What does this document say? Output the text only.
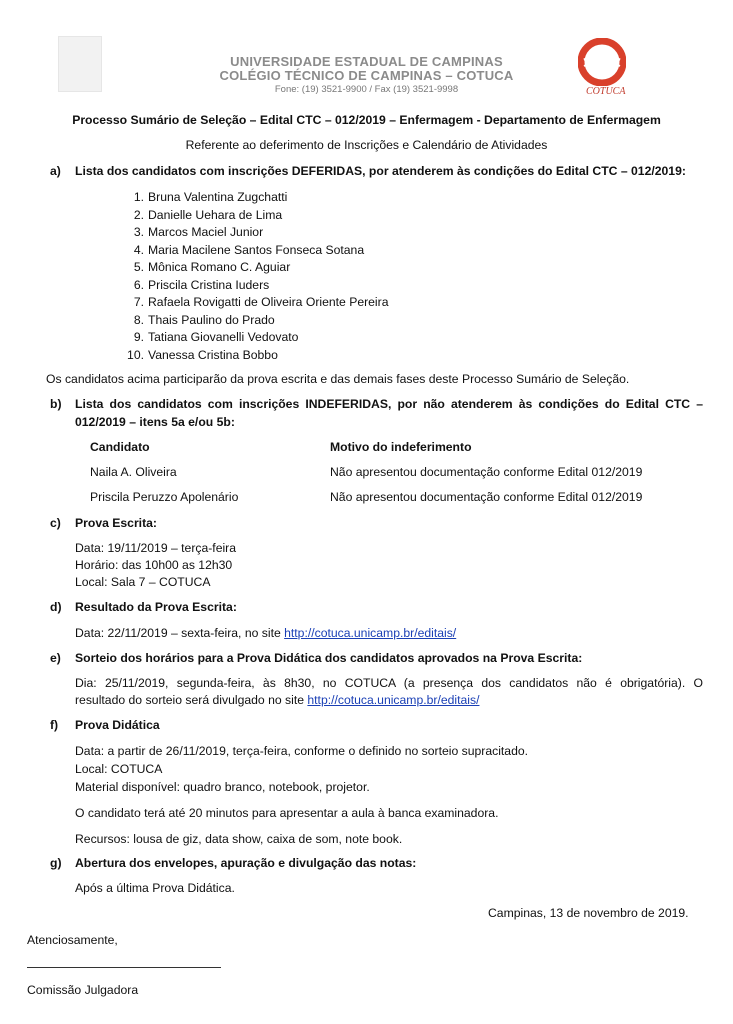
UNIVERSIDADE ESTADUAL DE CAMPINAS
COLÉGIO TÉCNICO DE CAMPINAS – COTUCA
Fone: (19) 3521-9900 / Fax (19) 3521-9998	COTUCA
Processo Sumário de Seleção – Edital CTC – 012/2019 – Enfermagem - Departamento de Enfermagem
Referente ao deferimento de Inscrições e Calendário de Atividades
a) Lista dos candidatos com inscrições DEFERIDAS, por atenderem às condições do Edital CTC – 012/2019:
1. Bruna Valentina Zugchatti
2. Danielle Uehara de Lima
3. Marcos Maciel Junior
4. Maria Macilene Santos Fonseca Sotana
5. Mônica Romano C. Aguiar
6. Priscila Cristina Iuders
7. Rafaela Rovigatti de Oliveira Oriente Pereira
8. Thais Paulino do Prado
9. Tatiana Giovanelli Vedovato
10. Vanessa Cristina Bobbo
Os candidatos acima participarão da prova escrita e das demais fases deste Processo Sumário de Seleção.
b) Lista dos candidatos com inscrições INDEFERIDAS, por não atenderem às condições do Edital CTC –
012/2019 – itens 5a e/ou 5b:
Candidato	Motivo do indeferimento
Naila A. Oliveira	Não apresentou documentação conforme Edital 012/2019
Priscila Peruzzo Apolenário	Não apresentou documentação conforme Edital 012/2019
c) Prova Escrita:
Data: 19/11/2019 – terça-feira
Horário: das 10h00 as 12h30
Local: Sala 7 – COTUCA
d) Resultado da Prova Escrita:
Data: 22/11/2019 – sexta-feira, no site http://cotuca.unicamp.br/editais/
e) Sorteio dos horários para a Prova Didática dos candidatos aprovados na Prova Escrita:
Dia: 25/11/2019, segunda-feira, às 8h30, no COTUCA (a presença dos candidatos não é obrigatória). O
resultado do sorteio será divulgado no site http://cotuca.unicamp.br/editais/
f) Prova Didática
Data: a partir de 26/11/2019, terça-feira, conforme o definido no sorteio supracitado.
Local: COTUCA
Material disponível: quadro branco, notebook, projetor.
O candidato terá até 20 minutos para apresentar a aula à banca examinadora.
Recursos: lousa de giz, data show, caixa de som, note book.
g) Abertura dos envelopes, apuração e divulgação das notas:
Após a última Prova Didática.
Campinas, 13 de novembro de 2019.
Atenciosamente,
Comissão Julgadora
